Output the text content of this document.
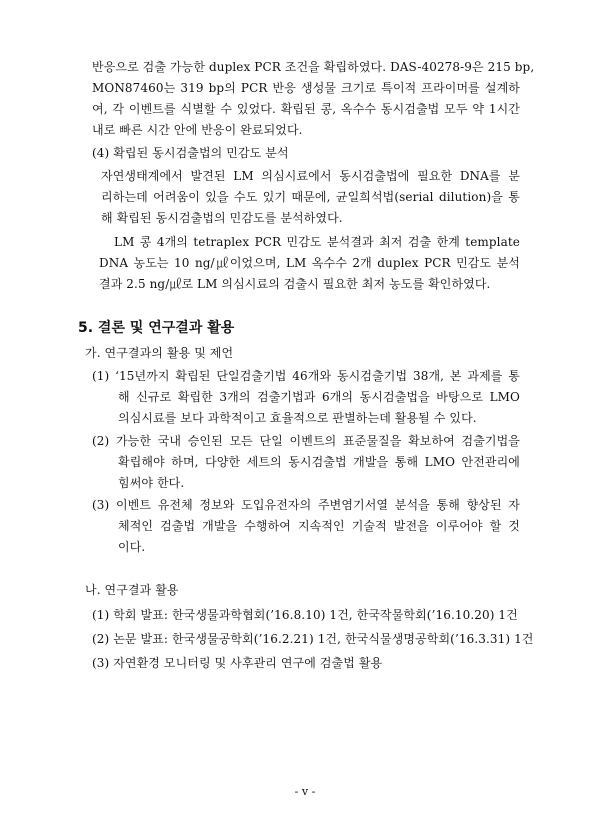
반응으로 검출 가능한 duplex PCR 조건을 확립하였다. DAS-40278-9은 215 bp,
MON87460는 319 bp의 PCR 반응 생성물 크기로 특이적 프라이머를 설계하
여, 각 이벤트를 식별할 수 있었다. 확립된 콩, 옥수수 동시검출법 모두 약 1시간
내로 빠른 시간 안에 반응이 완료되었다.
(4) 확립된 동시검출법의 민감도 분석
자연생태계에서 발견된 LM 의심시료에서 동시검출법에 필요한 DNA를 분
리하는데 어려움이 있을 수도 있기 때문에, 균일희석법(serial dilution)을 통
해 확립된 동시검출법의 민감도를 분석하였다.
LM 콩 4개의 tetraplex PCR 민감도 분석결과 최저 검출 한계 template
DNA 농도는 10 ng/㎕이었으며, LM 옥수수 2개 duplex PCR 민감도 분석
결과 2.5 ng/㎕로 LM 의심시료의 검출시 필요한 최저 농도를 확인하였다.
5. 결론 및 연구결과 활용
가. 연구결과의 활용 및 제언
(1) ‘15년까지 확립된 단일검출기법 46개와 동시검출기법 38개, 본 과제를 통
해 신규로 확립한 3개의 검출기법과 6개의 동시검출법을 바탕으로 LMO
의심시료를 보다 과학적이고 효율적으로 판별하는데 활용될 수 있다.
(2) 가능한 국내 승인된 모든 단일 이벤트의 표준물질을 확보하여 검출기법을
확립해야 하며, 다양한 세트의 동시검출법 개발을 통해 LMO 안전관리에
힘써야 한다.
(3) 이벤트 유전체 정보와 도입유전자의 주변염기서열 분석을 통해 향상된 자
체적인 검출법 개발을 수행하여 지속적인 기술적 발전을 이루어야 할 것
이다.
나. 연구결과 활용
(1) 학회 발표: 한국생물과학협회(’16.8.10) 1건, 한국작물학회(’16.10.20) 1건
(2) 논문 발표: 한국생물공학회(’16.2.21) 1건, 한국식물생명공학회(’16.3.31) 1건
(3) 자연환경 모니터링 및 사후관리 연구에 검출법 활용
- v -
